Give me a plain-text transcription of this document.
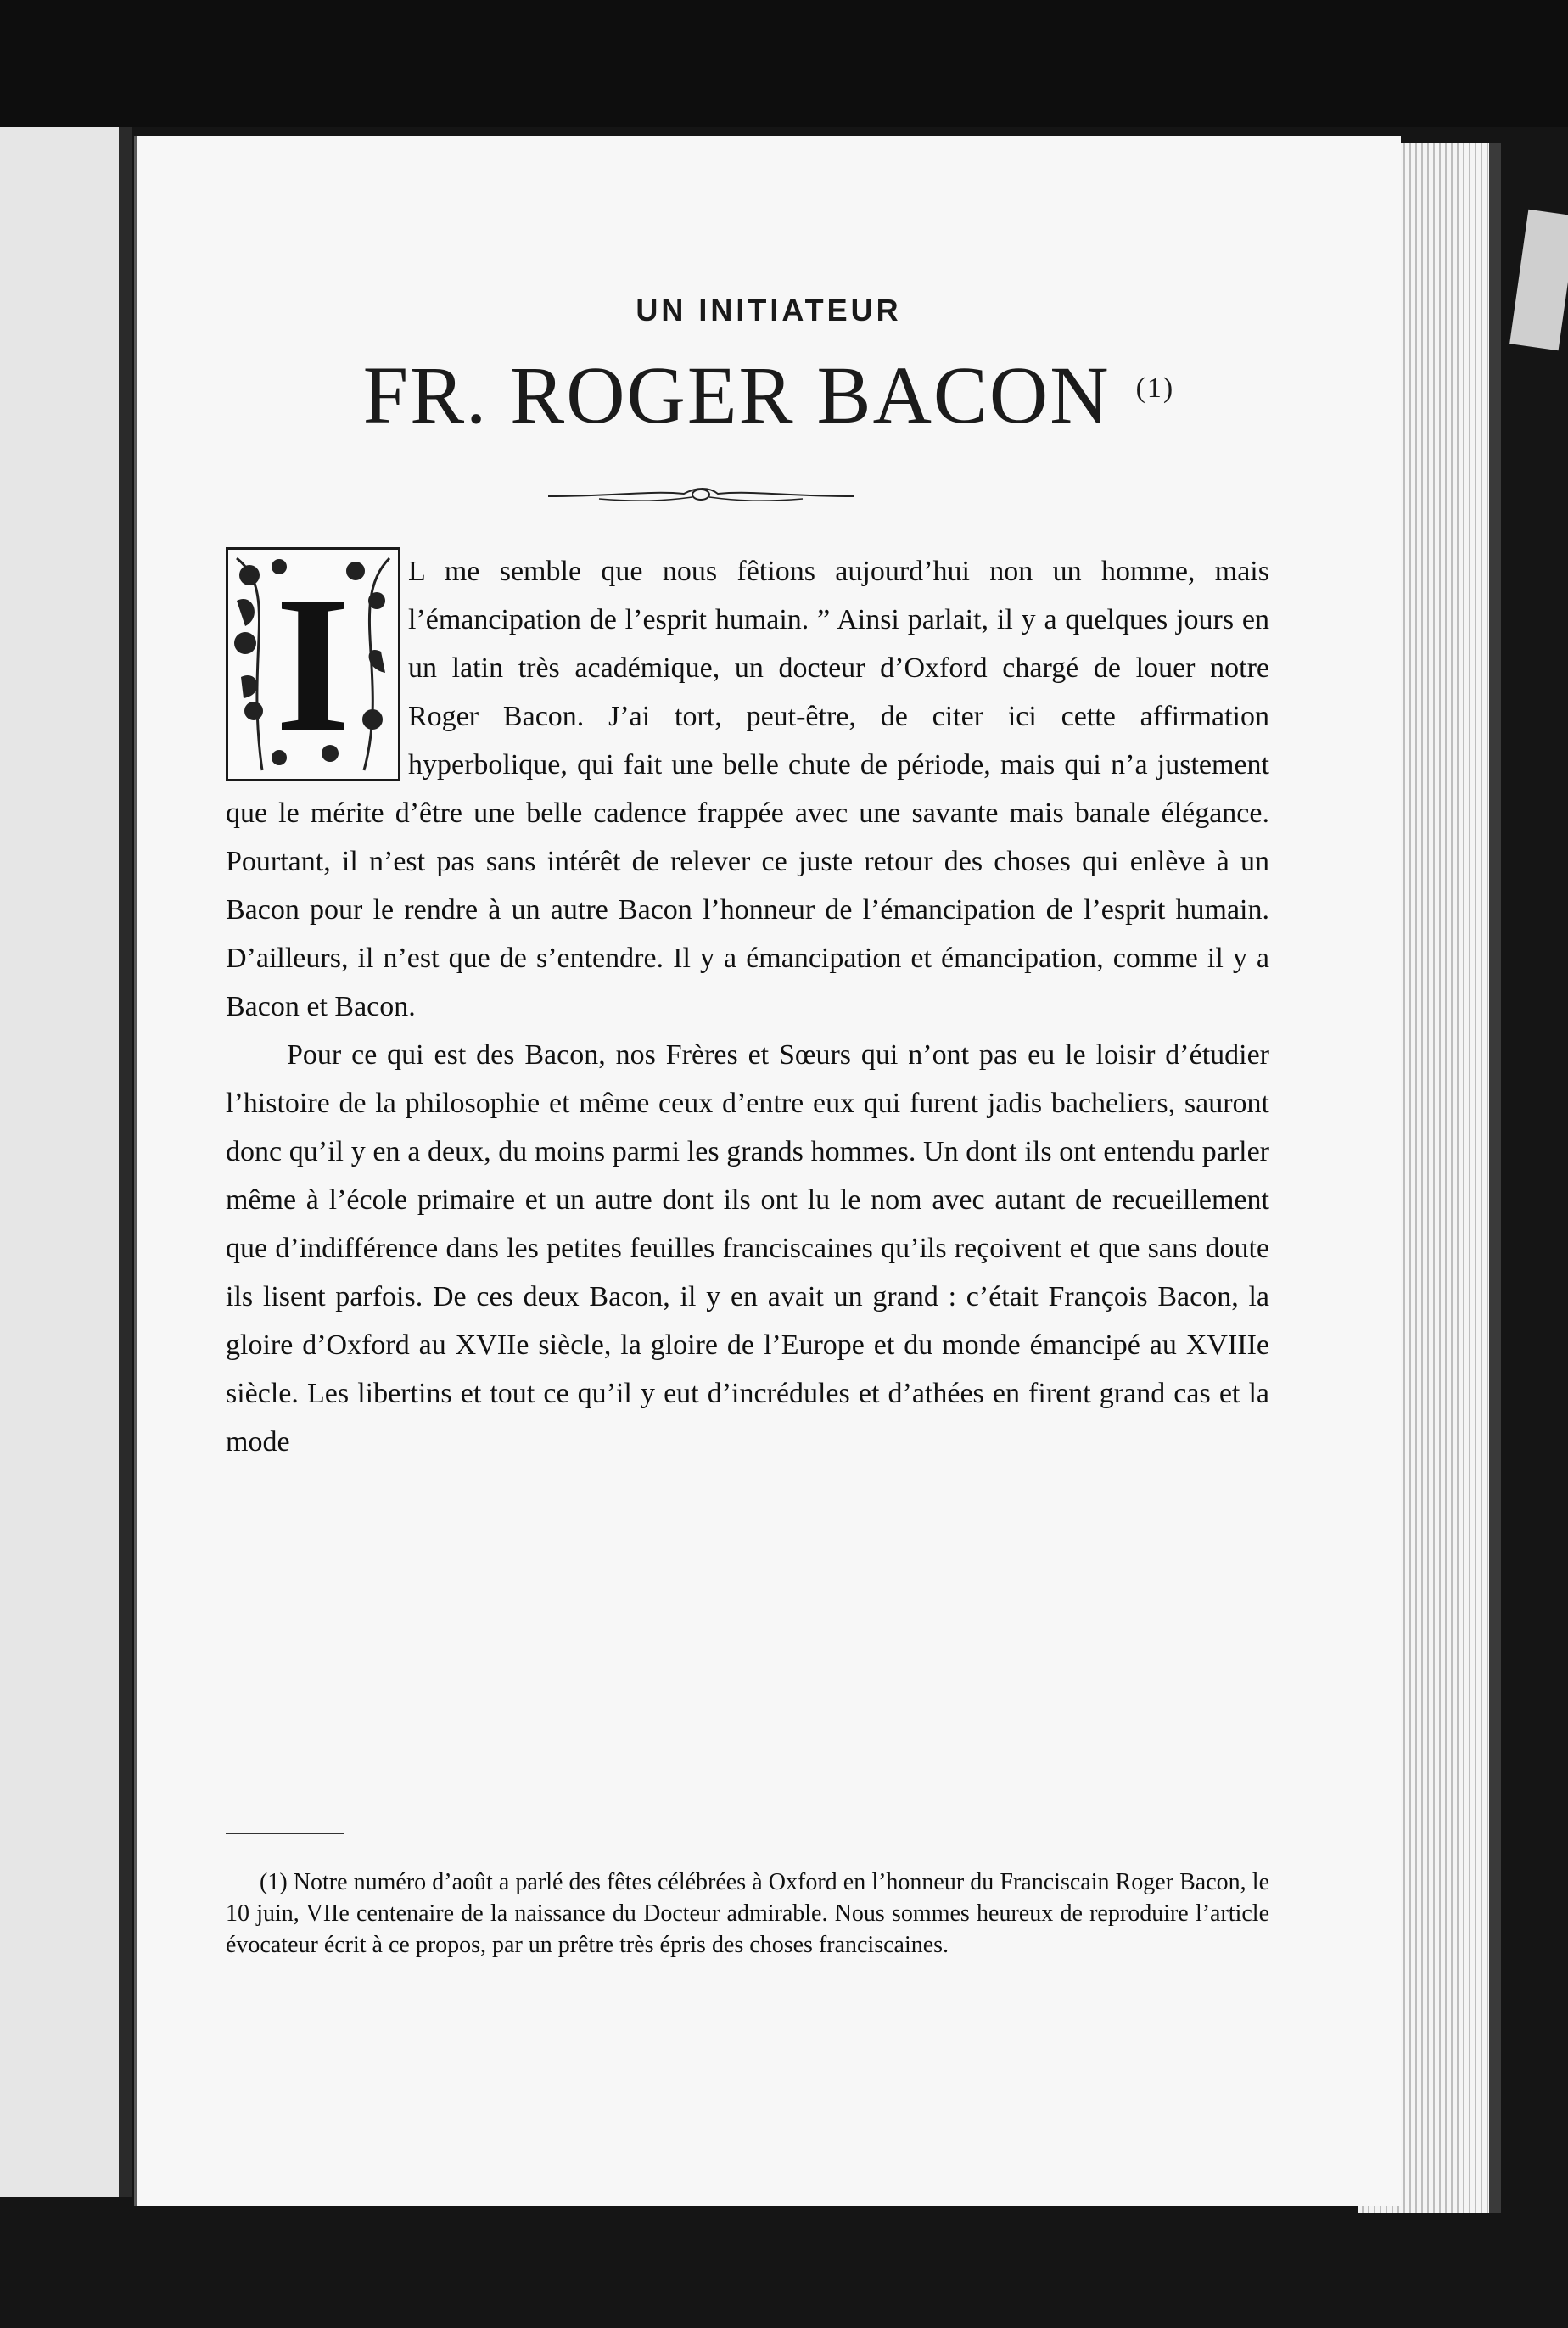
UN INITIATEUR
FR. ROGER BACON $^{(1)}$
I	L me semble que nous fêtions aujourd’hui non un homme, mais l’émancipation de l’esprit humain. ” Ainsi parlait, il y a quelques jours en un latin très académique, un docteur d’Oxford chargé de louer notre Roger Bacon. J’ai tort, peut-être, de citer ici cette affirmation hyperbolique, qui fait une belle chute de période, mais qui n’a justement que le mérite d’être une belle cadence frappée avec une savante mais banale élégance. Pourtant, il n’est pas sans intérêt de relever ce juste retour des choses qui enlève à un Bacon pour le rendre à un autre Bacon l’honneur de l’émancipation de l’esprit humain. D’ailleurs, il n’est que de s’entendre. Il y a émancipation et émancipation, comme il y a Bacon et Bacon.

Pour ce qui est des Bacon, nos Frères et Sœurs qui n’ont pas eu le loisir d’étudier l’histoire de la philosophie et même ceux d’entre eux qui furent jadis bacheliers, sauront donc qu’il y en a deux, du moins parmi les grands hommes. Un dont ils ont entendu parler même à l’école primaire et un autre dont ils ont lu le nom avec autant de recueillement que d’indifférence dans les petites feuilles franciscaines qu’ils reçoivent et que sans doute ils lisent parfois. De ces deux Bacon, il y en avait un grand : c’était François Bacon, la gloire d’Oxford au XVIIe siècle, la gloire de l’Europe et du monde émancipé au XVIIIe siècle. Les libertins et tout ce qu’il y eut d’incrédules et d’athées en firent grand cas et la mode

(1) Notre numéro d’août a parlé des fêtes célébrées à Oxford en l’honneur du Franciscain Roger Bacon, le 10 juin, VIIe centenaire de la naissance du Docteur admirable. Nous sommes heureux de reproduire l’article évocateur écrit à ce propos, par un prêtre très épris des choses franciscaines.
